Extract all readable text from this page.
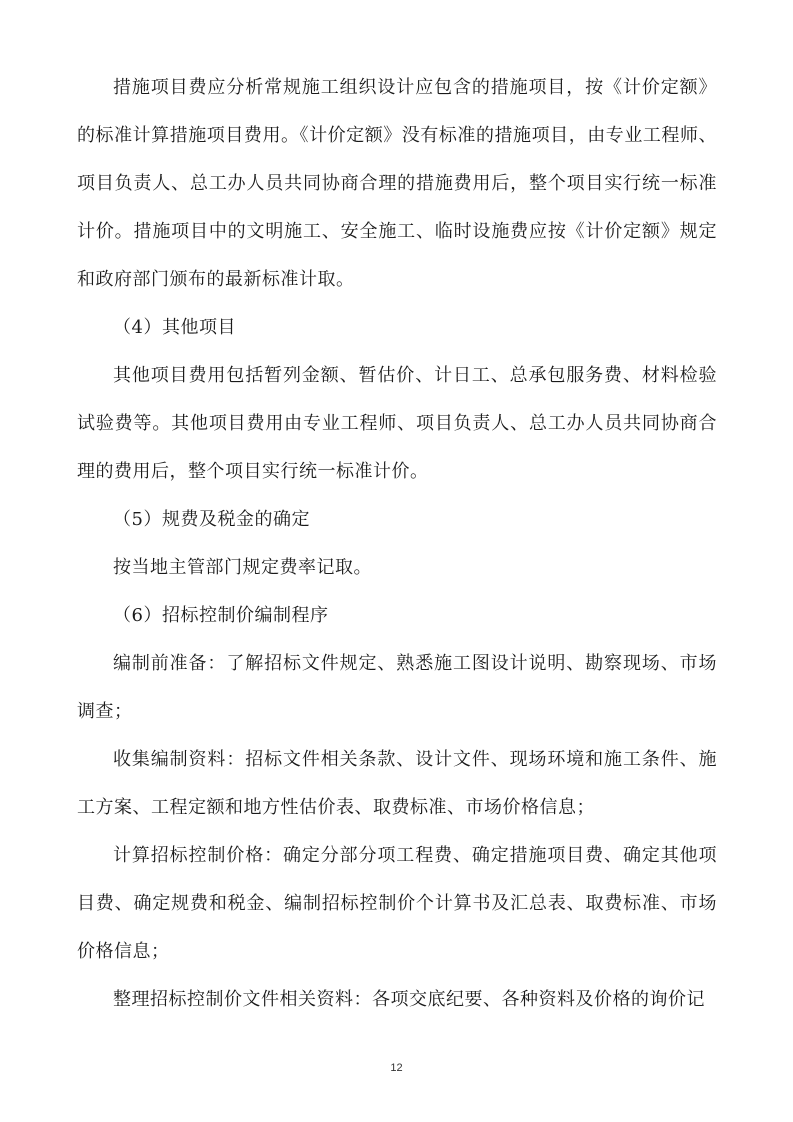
措施项目费应分析常规施工组织设计应包含的措施项目，按《计价定额》的标准计算措施项目费用。《计价定额》没有标准的措施项目，由专业工程师、项目负责人、总工办人员共同协商合理的措施费用后，整个项目实行统一标准计价。措施项目中的文明施工、安全施工、临时设施费应按《计价定额》规定和政府部门颁布的最新标准计取。

（4）其他项目

其他项目费用包括暂列金额、暂估价、计日工、总承包服务费、材料检验试验费等。其他项目费用由专业工程师、项目负责人、总工办人员共同协商合理的费用后，整个项目实行统一标准计价。

（5）规费及税金的确定

按当地主管部门规定费率记取。

（6）招标控制价编制程序

编制前准备：了解招标文件规定、熟悉施工图设计说明、勘察现场、市场调查；

收集编制资料：招标文件相关条款、设计文件、现场环境和施工条件、施工方案、工程定额和地方性估价表、取费标准、市场价格信息；

计算招标控制价格：确定分部分项工程费、确定措施项目费、确定其他项目费、确定规费和税金、编制招标控制价个计算书及汇总表、取费标准、市场价格信息；

整理招标控制价文件相关资料：各项交底纪要、各种资料及价格的询价记

12
